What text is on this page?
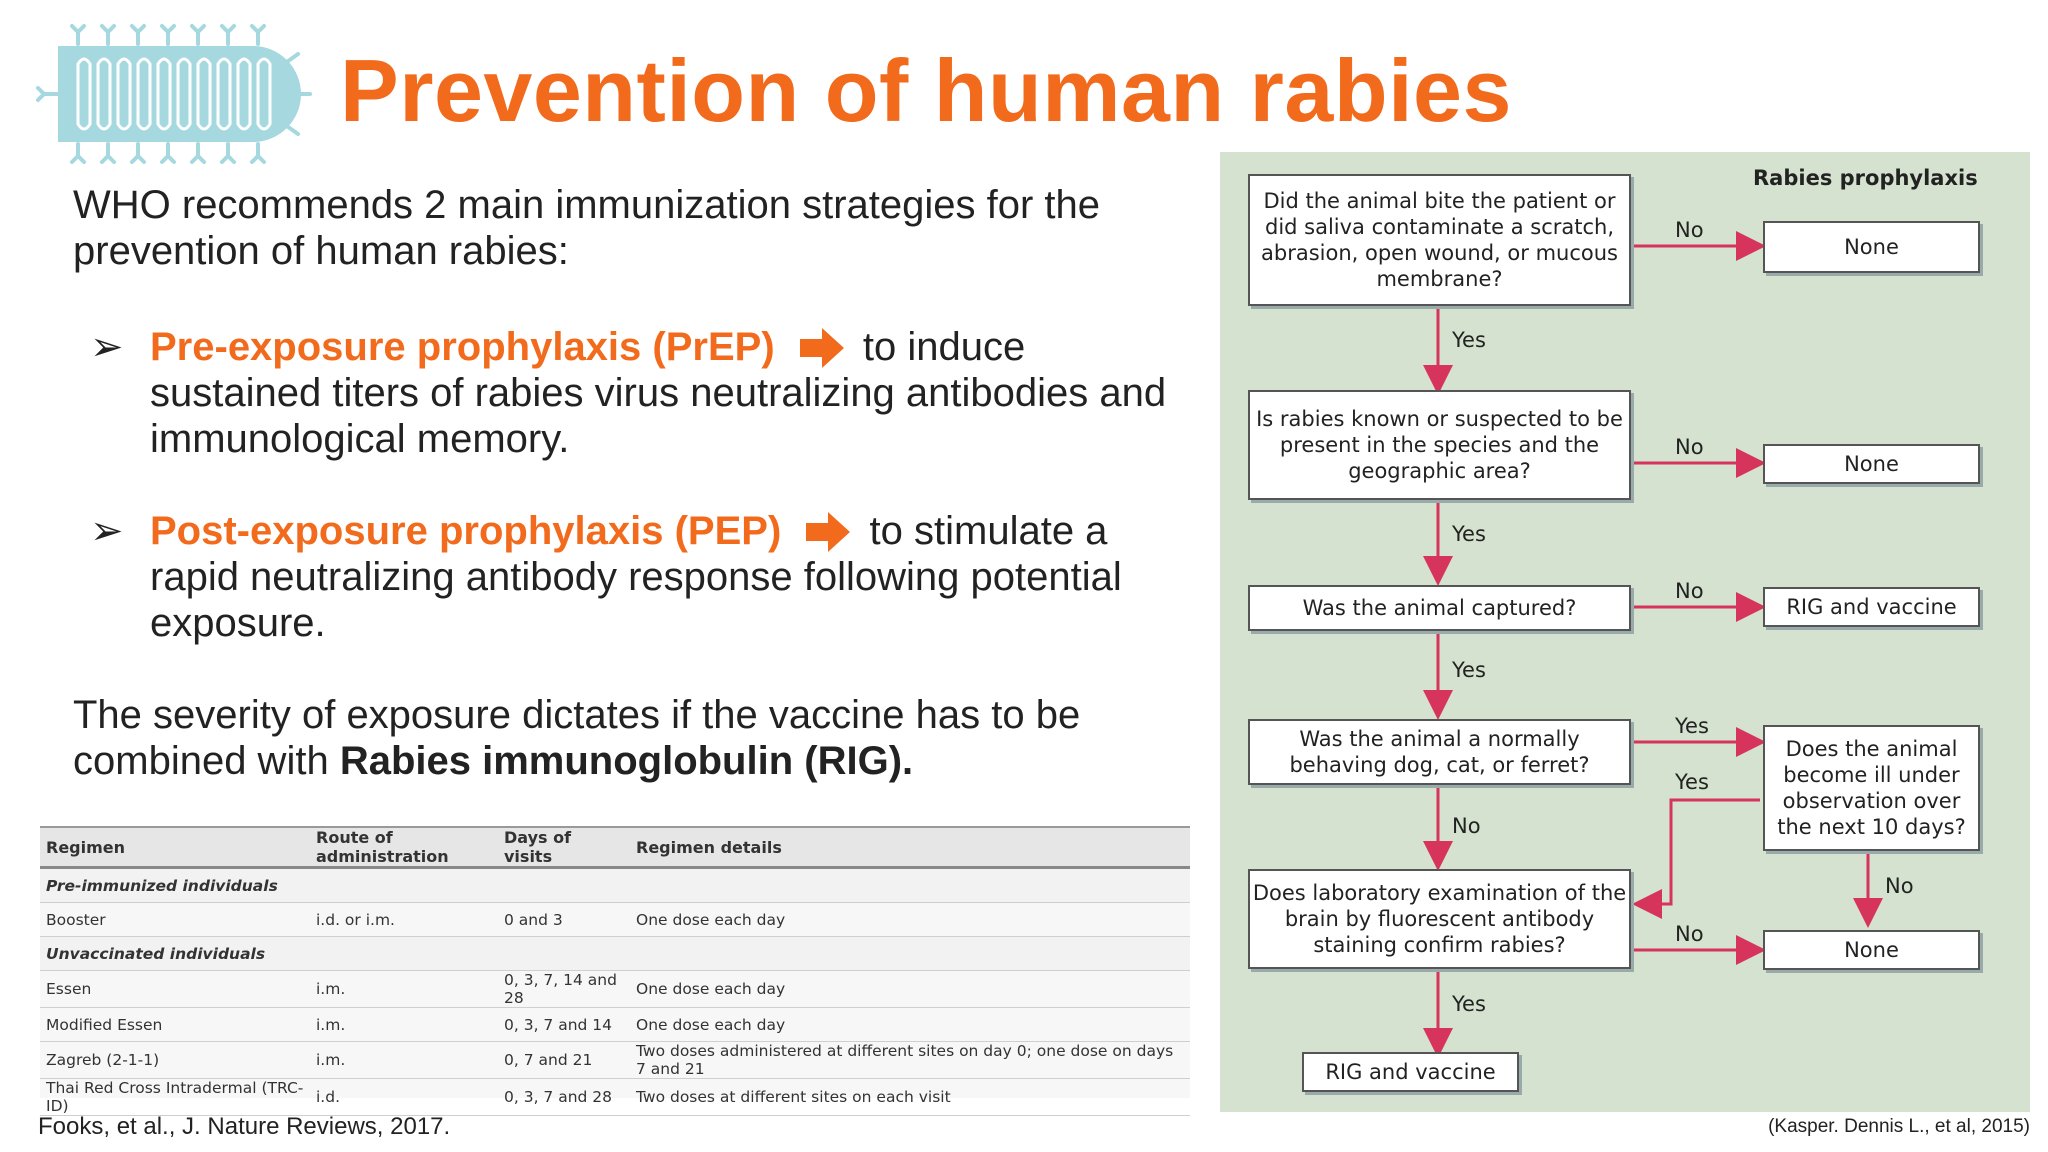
Prevention of human rabies
WHO recommends 2 main immunization strategies for the prevention of human rabies:
➢ Pre-exposure prophylaxis (PrEP) to induce sustained titers of rabies virus neutralizing antibodies and immunological memory.
➢ Post-exposure prophylaxis (PEP) to stimulate a rapid neutralizing antibody response following potential exposure.
The severity of exposure dictates if the vaccine has to be combined with Rabies immunoglobulin (RIG).
Regimen	Route of administration	Days of visits	Regimen details
Pre-immunized individuals			
Booster	i.d. or i.m.	0 and 3	One dose each day
Unvaccinated individuals			
Essen	i.m.	0, 3, 7, 14 and 28	One dose each day
Modified Essen	i.m.	0, 3, 7 and 14	One dose each day
Zagreb (2-1-1)	i.m.	0, 7 and 21	Two doses administered at different sites on day 0; one dose on days 7 and 21
Thai Red Cross Intradermal (TRC-ID)	i.d.	0, 3, 7 and 28	Two doses at different sites on each visit
Fooks, et al., J. Nature Reviews, 2017.	(Kasper. Dennis L., et al, 2015)
Rabies prophylaxis
Did the animal bite the patient or did saliva contaminate a scratch, abrasion, open wound, or mucous membrane?
Is rabies known or suspected to be present in the species and the geographic area?
Was the animal captured?
Was the animal a normally behaving dog, cat, or ferret?
Does laboratory examination of the brain by fluorescent antibody staining confirm rabies?
RIG and vaccine
None
None
RIG and vaccine
Does the animal become ill under observation over the next 10 days?
None
No
Yes
No
Yes
No
Yes
Yes
Yes
No
No
No
Yes
